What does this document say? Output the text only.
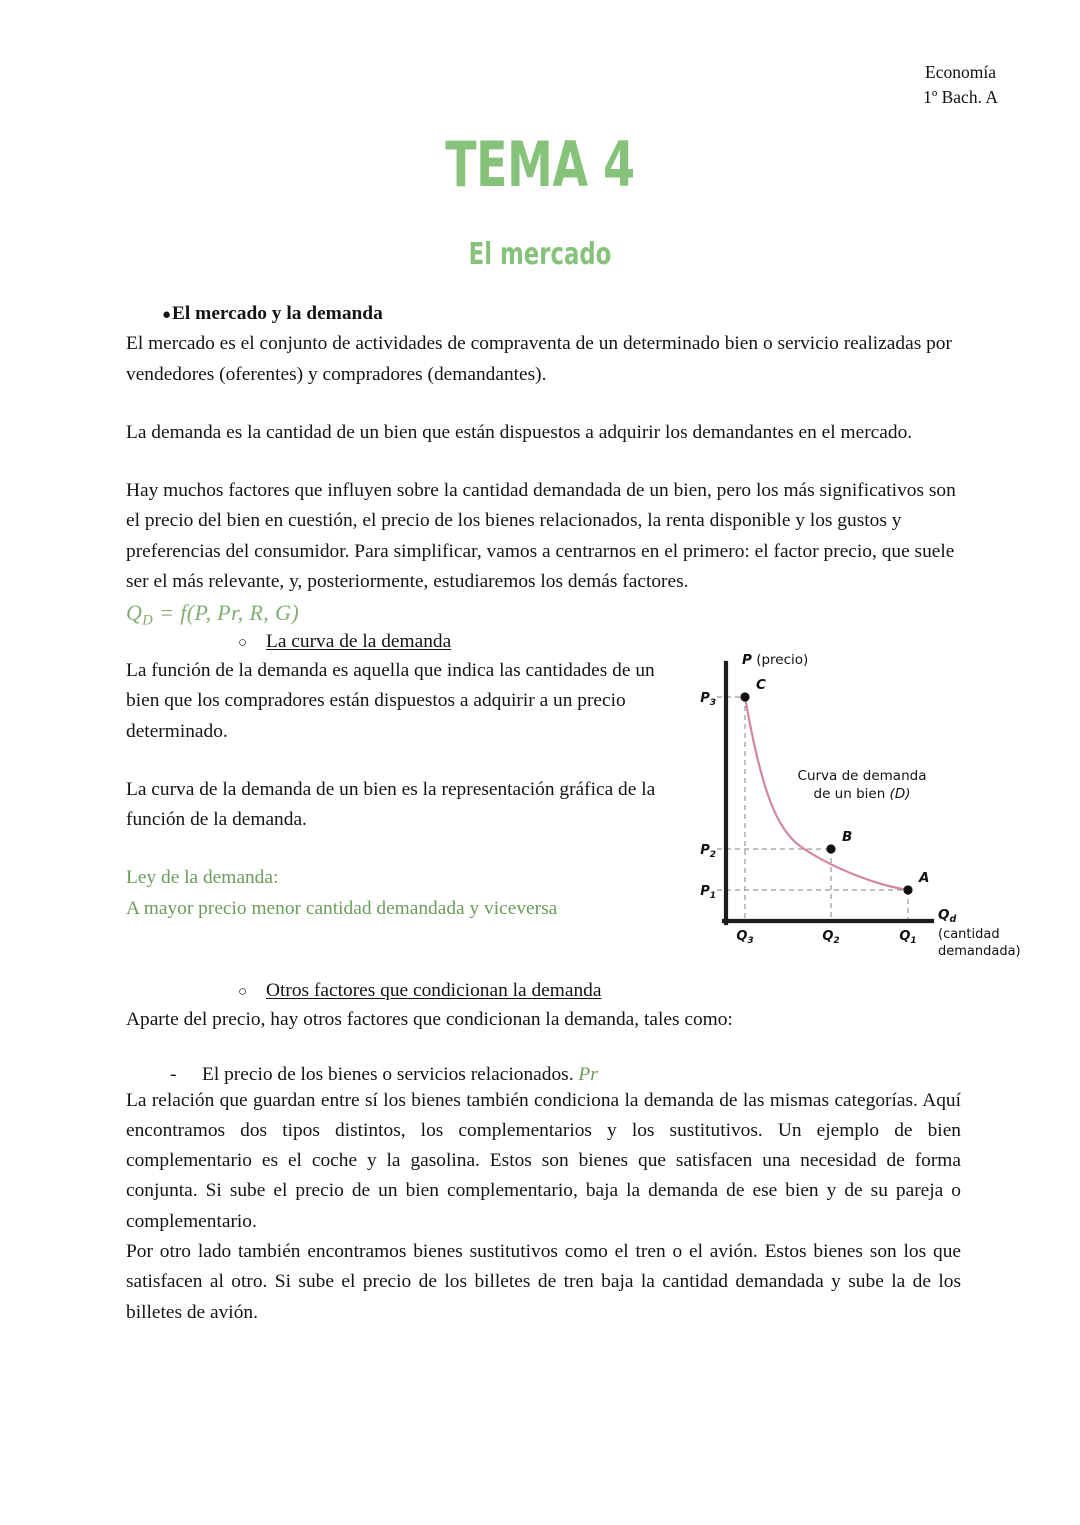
Economía
1º Bach. A
TEMA 4
El mercado
● El mercado y la demanda

El mercado es el conjunto de actividades de compraventa de un determinado bien o servicio realizadas por vendedores (oferentes) y compradores (demandantes).

La demanda es la cantidad de un bien que están dispuestos a adquirir los demandantes en el mercado.

Hay muchos factores que influyen sobre la cantidad demandada de un bien, pero los más significativos son el precio del bien en cuestión, el precio de los bienes relacionados, la renta disponible y los gustos y preferencias del consumidor. Para simplificar, vamos a centrarnos en el primero: el factor precio, que suele ser el más relevante, y, posteriormente, estudiaremos los demás factores.

$Q_D = f(P$, Pr, R, G)

○ La curva de la demanda

La función de la demanda es aquella que indica las cantidades de un bien que los compradores están dispuestos a adquirir a un precio determinado.

La curva de la demanda de un bien es la representación gráfica de la función de la demanda.

Ley de la demanda:
A mayor precio menor cantidad demandada y viceversa
○ Otros factores que condicionan la demanda

Aparte del precio, hay otros factores que condicionan la demanda, tales como:

-	El precio de los bienes o servicios relacionados. Pr

La relación que guardan entre sí los bienes también condiciona la demanda de las mismas categorías. Aquí encontramos dos tipos distintos, los complementarios y los sustitutivos. Un ejemplo de bien complementario es el coche y la gasolina. Estos son bienes que satisfacen una necesidad de forma conjunta. Si sube el precio de un bien complementario, baja la demanda de ese bien y de su pareja o complementario.

Por otro lado también encontramos bienes sustitutivos como el tren o el avión. Estos bienes son los que satisfacen al otro. Si sube el precio de los billetes de tren baja la cantidad demandada y sube la de los billetes de avión.

C
B
A
$P_3$
$P_2$
$P_1$
$Q_3$	$Q_2$	$Q_1$
P (precio)
$Q_d$
(cantidad
demandada)
Curva de demanda
de un bien (D)
